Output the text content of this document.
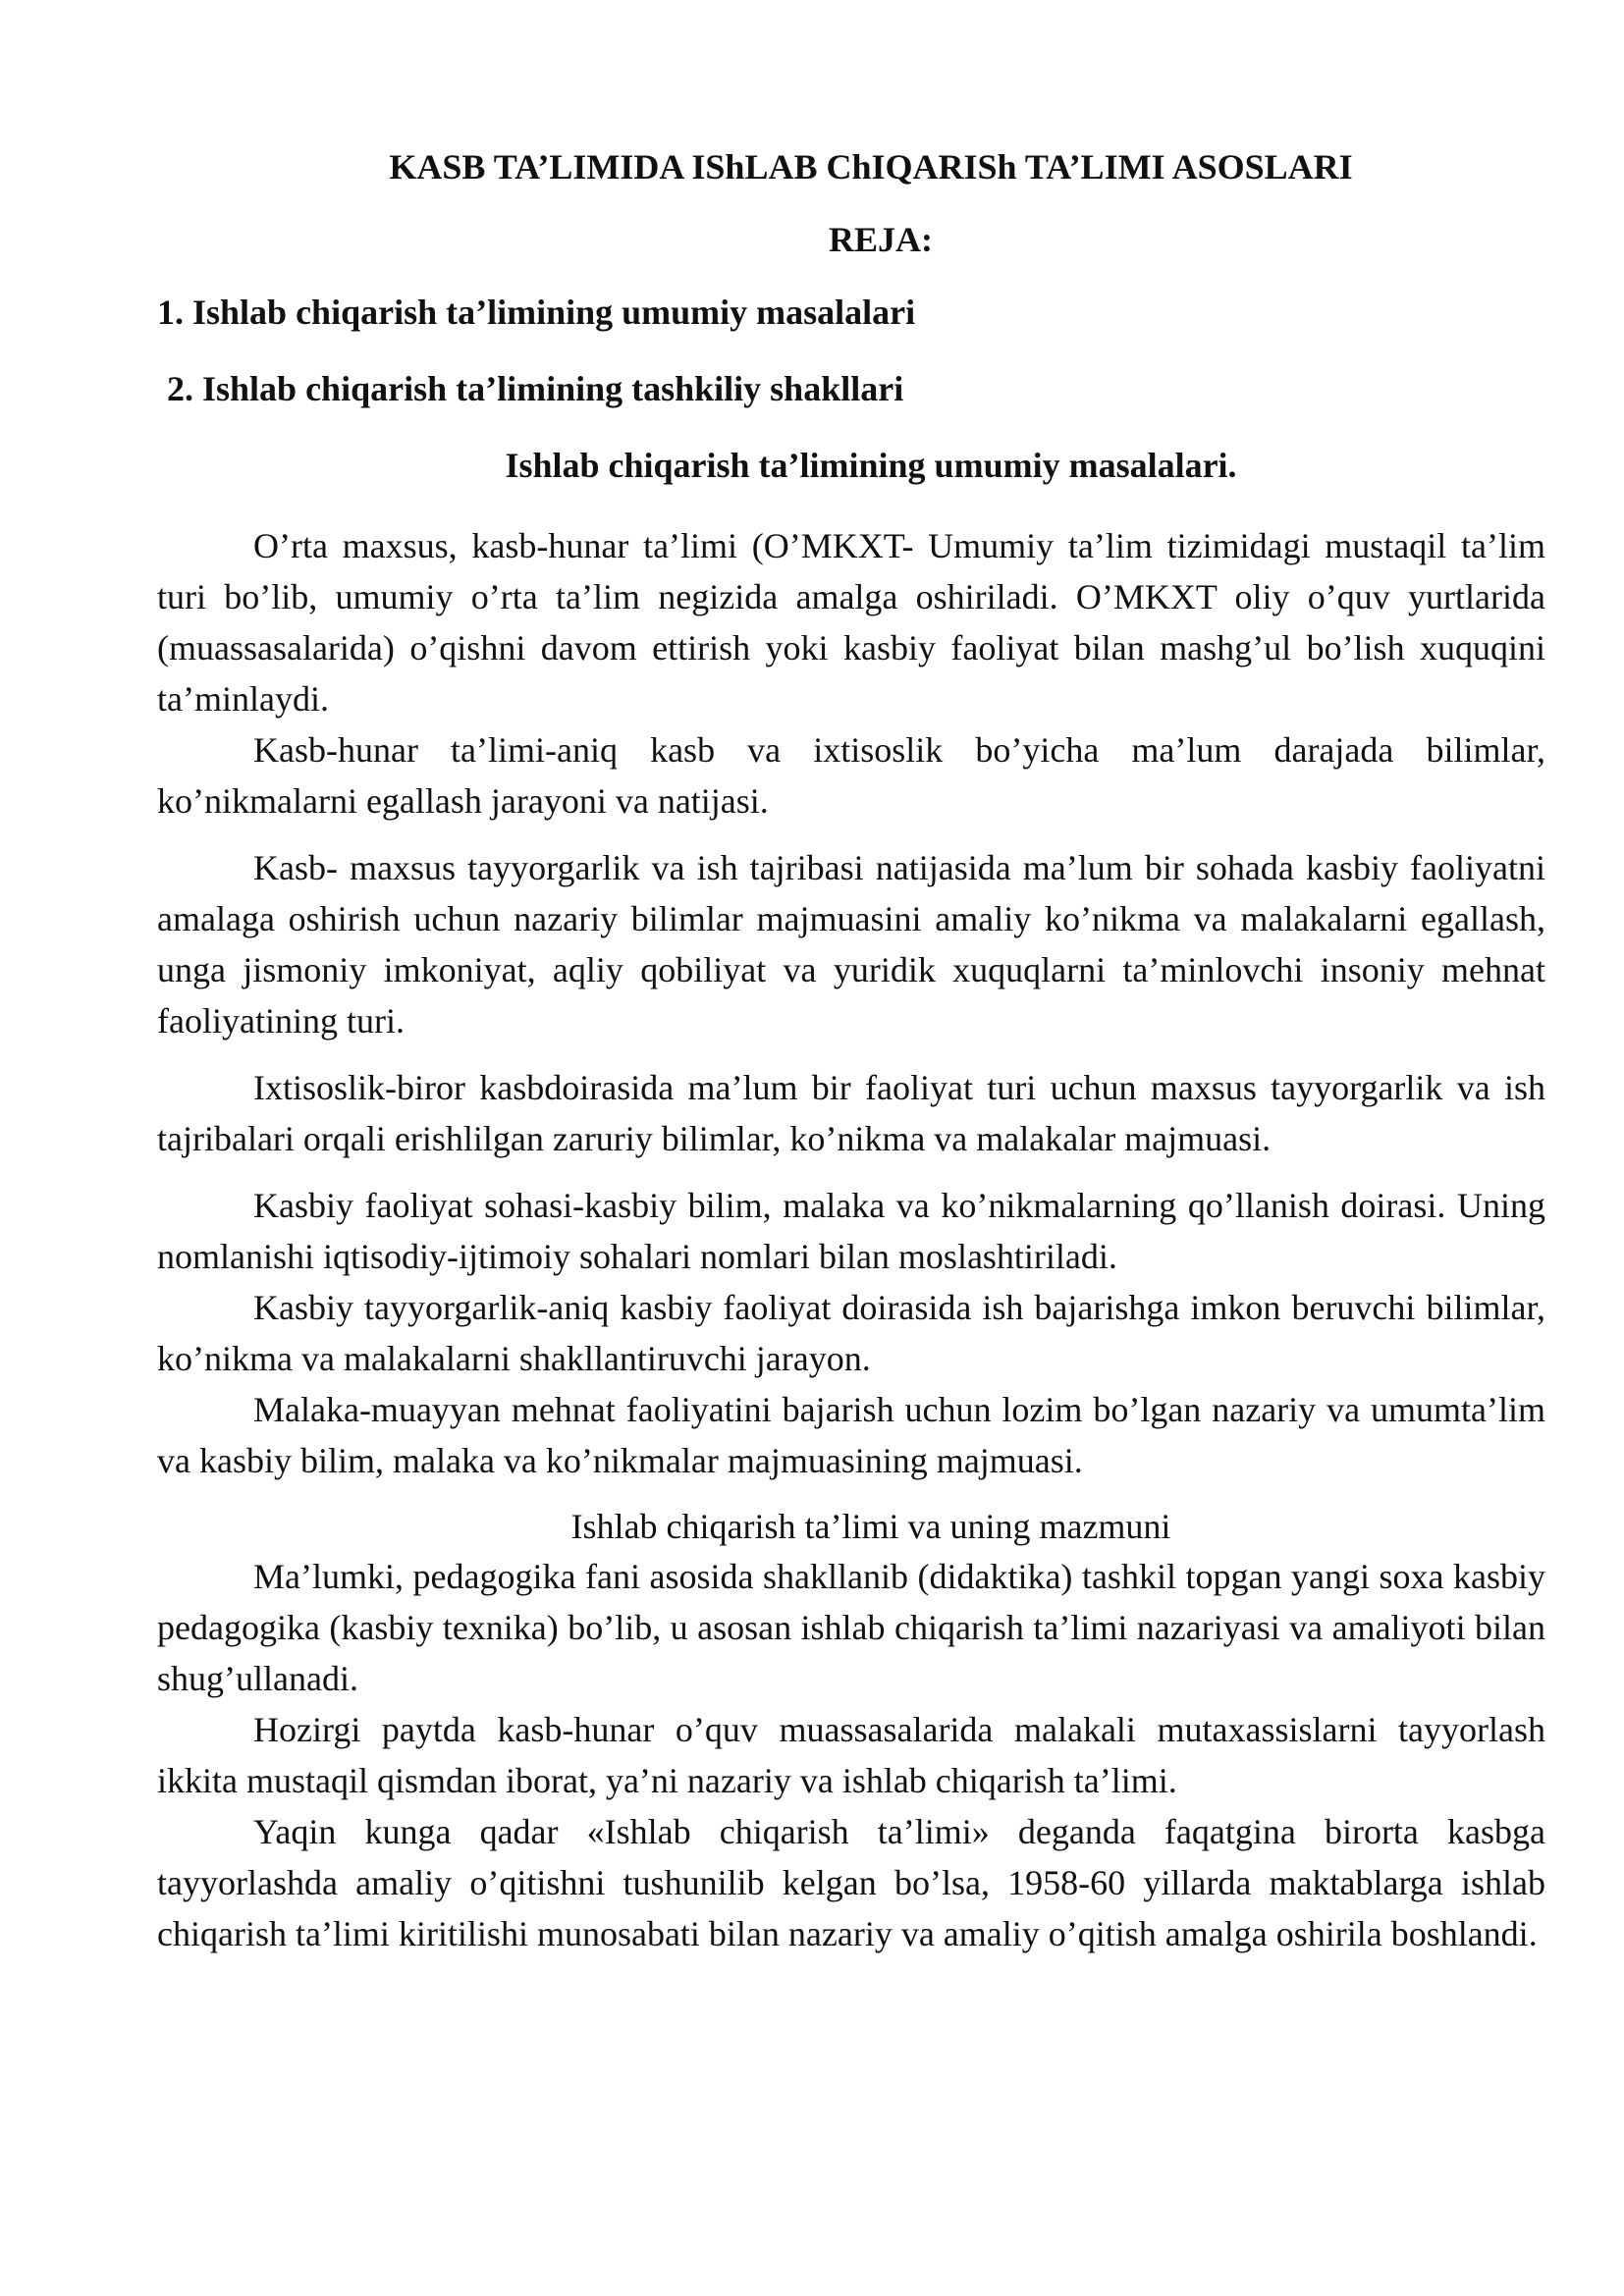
KASB TA’LIMIDA IShLAB ChIQARISh TA’LIMI ASOSLARI
REJA:
1. Ishlab chiqarish ta’limining umumiy masalalari
2. Ishlab chiqarish ta’limining tashkiliy shakllari
Ishlab chiqarish ta’limining umumiy masalalari.

O’rta maxsus, kasb-hunar ta’limi (O’MKXT- Umumiy ta’lim tizimidagi mustaqil ta’lim turi bo’lib, umumiy o’rta ta’lim negizida amalga oshiriladi. O’MKXT oliy o’quv yurtlarida (muassasalarida) o’qishni davom ettirish yoki kasbiy faoliyat bilan mashg’ul bo’lish xuquqini ta’minlaydi.

Kasb-hunar ta’limi-aniq kasb va ixtisoslik bo’yicha ma’lum darajada bilimlar, ko’nikmalarni egallash jarayoni va natijasi.

Kasb- maxsus tayyorgarlik va ish tajribasi natijasida ma’lum bir sohada kasbiy faoliyatni amalaga oshirish uchun nazariy bilimlar majmuasini amaliy ko’nikma va malakalarni egallash, unga jismoniy imkoniyat, aqliy qobiliyat va yuridik xuquqlarni ta’minlovchi insoniy mehnat faoliyatining turi.

Ixtisoslik-biror kasbdoirasida ma’lum bir faoliyat turi uchun maxsus tayyorgarlik va ish tajribalari orqali erishlilgan zaruriy bilimlar, ko’nikma va malakalar majmuasi.

Kasbiy faoliyat sohasi-kasbiy bilim, malaka va ko’nikmalarning qo’llanish doirasi. Uning nomlanishi iqtisodiy-ijtimoiy sohalari nomlari bilan moslashtiriladi.

Kasbiy tayyorgarlik-aniq kasbiy faoliyat doirasida ish bajarishga imkon beruvchi bilimlar, ko’nikma va malakalarni shakllantiruvchi jarayon.

Malaka-muayyan mehnat faoliyatini bajarish uchun lozim bo’lgan nazariy va umumta’lim va kasbiy bilim, malaka va ko’nikmalar majmuasining majmuasi.

Ishlab chiqarish ta’limi va uning mazmuni

Ma’lumki, pedagogika fani asosida shakllanib (didaktika) tashkil topgan yangi soxa kasbiy pedagogika (kasbiy texnika) bo’lib, u asosan ishlab chiqarish ta’limi nazariyasi va amaliyoti bilan shug’ullanadi.

Hozirgi paytda kasb-hunar o’quv muassasalarida malakali mutaxassislarni tayyorlash ikkita mustaqil qismdan iborat, ya’ni nazariy va ishlab chiqarish ta’limi.

Yaqin kunga qadar «Ishlab chiqarish ta’limi» deganda faqatgina birorta kasbga tayyorlashda amaliy o’qitishni tushunilib kelgan bo’lsa, 1958-60 yillarda maktablarga ishlab chiqarish ta’limi kiritilishi munosabati bilan nazariy va amaliy o’qitish amalga oshirila boshlandi.
